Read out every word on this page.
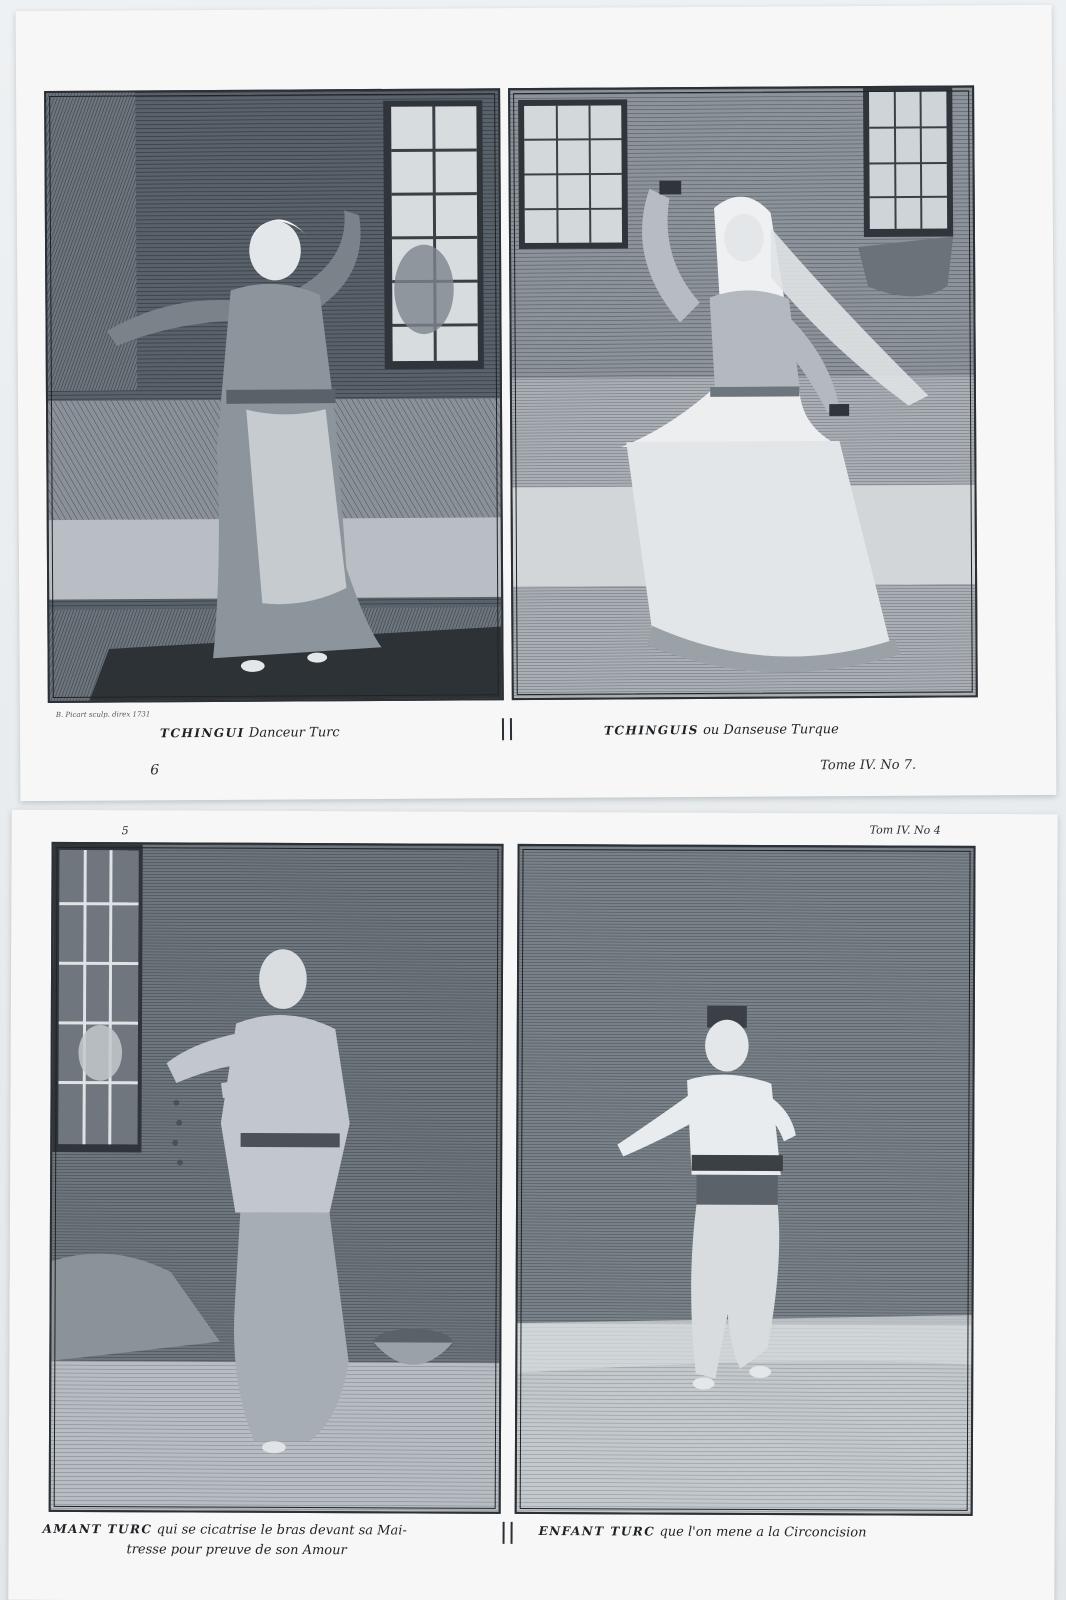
B. Picart sculp. direx 1731
TCHINGUI Danceur Turc	TCHINGUIS ou Danseuse Turque
6	Tome IV. No 7.
5	Tom IV. No 4
AMANT TURC qui se cicatrise le bras devant sa Mai-
tresse pour preuve de son Amour
ENFANT TURC que l'on mene a la Circoncision
